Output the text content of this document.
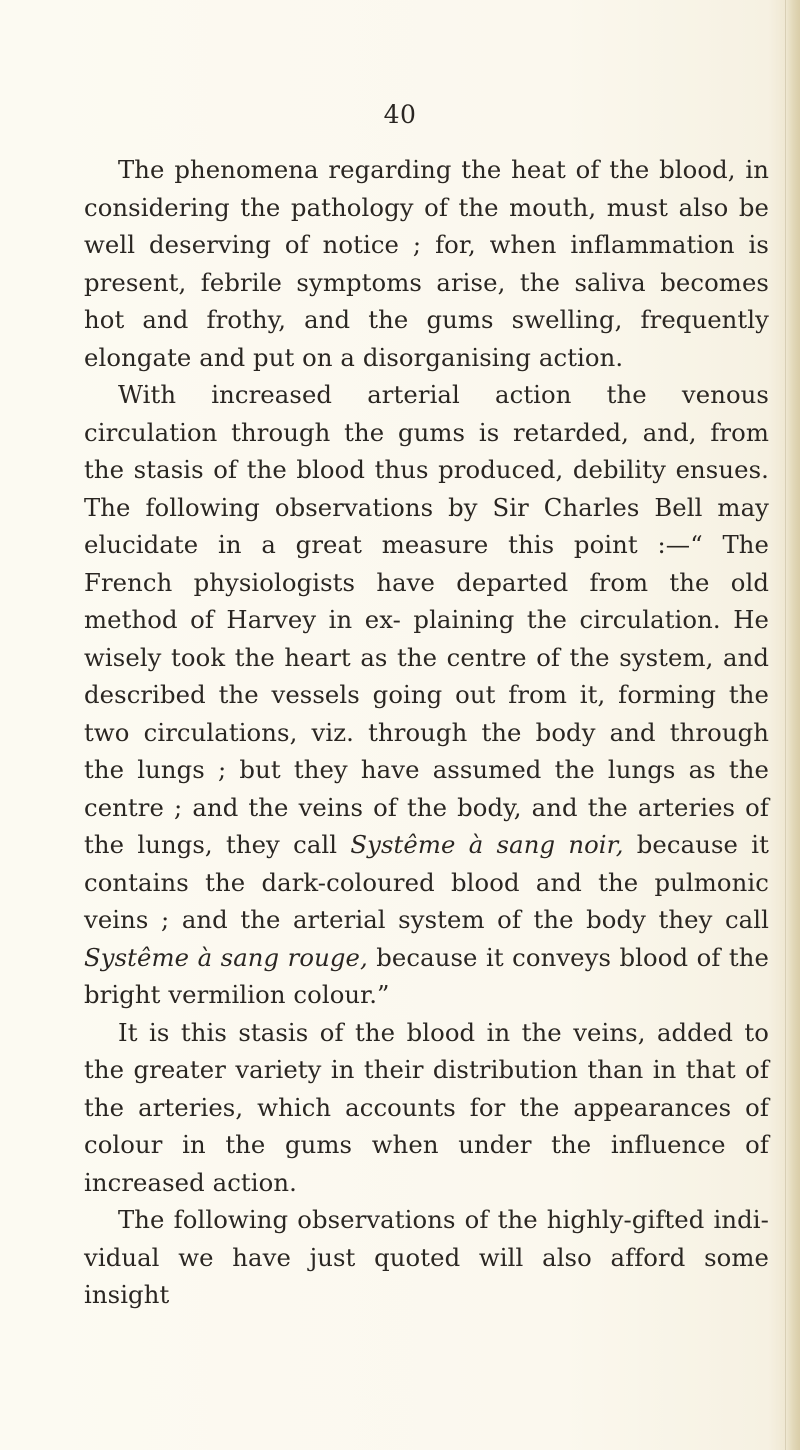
40

The phenomena regarding the heat of the blood, in considering the pathology of the mouth, must also be well deserving of notice ; for, when inflammation is present, febrile symptoms arise, the saliva becomes hot and frothy, and the gums swelling, frequently elongate and put on a disorganising action.

With increased arterial action the venous circulation through the gums is retarded, and, from the stasis of the blood thus produced, debility ensues. The following observations by Sir Charles Bell may elucidate in a great measure this point :—“ The French physiologists have departed from the old method of Harvey in ex- plaining the circulation. He wisely took the heart as the centre of the system, and described the vessels going out from it, forming the two circulations, viz. through the body and through the lungs ; but they have assumed the lungs as the centre ; and the veins of the body, and the arteries of the lungs, they call Systême à sang noir, because it contains the dark-coloured blood and the pulmonic veins ; and the arterial system of the body they call Systême à sang rouge, because it conveys blood of the bright vermilion colour.”

It is this stasis of the blood in the veins, added to the greater variety in their distribution than in that of the arteries, which accounts for the appearances of colour in the gums when under the influence of increased action.

The following observations of the highly-gifted indi- vidual we have just quoted will also afford some insight
